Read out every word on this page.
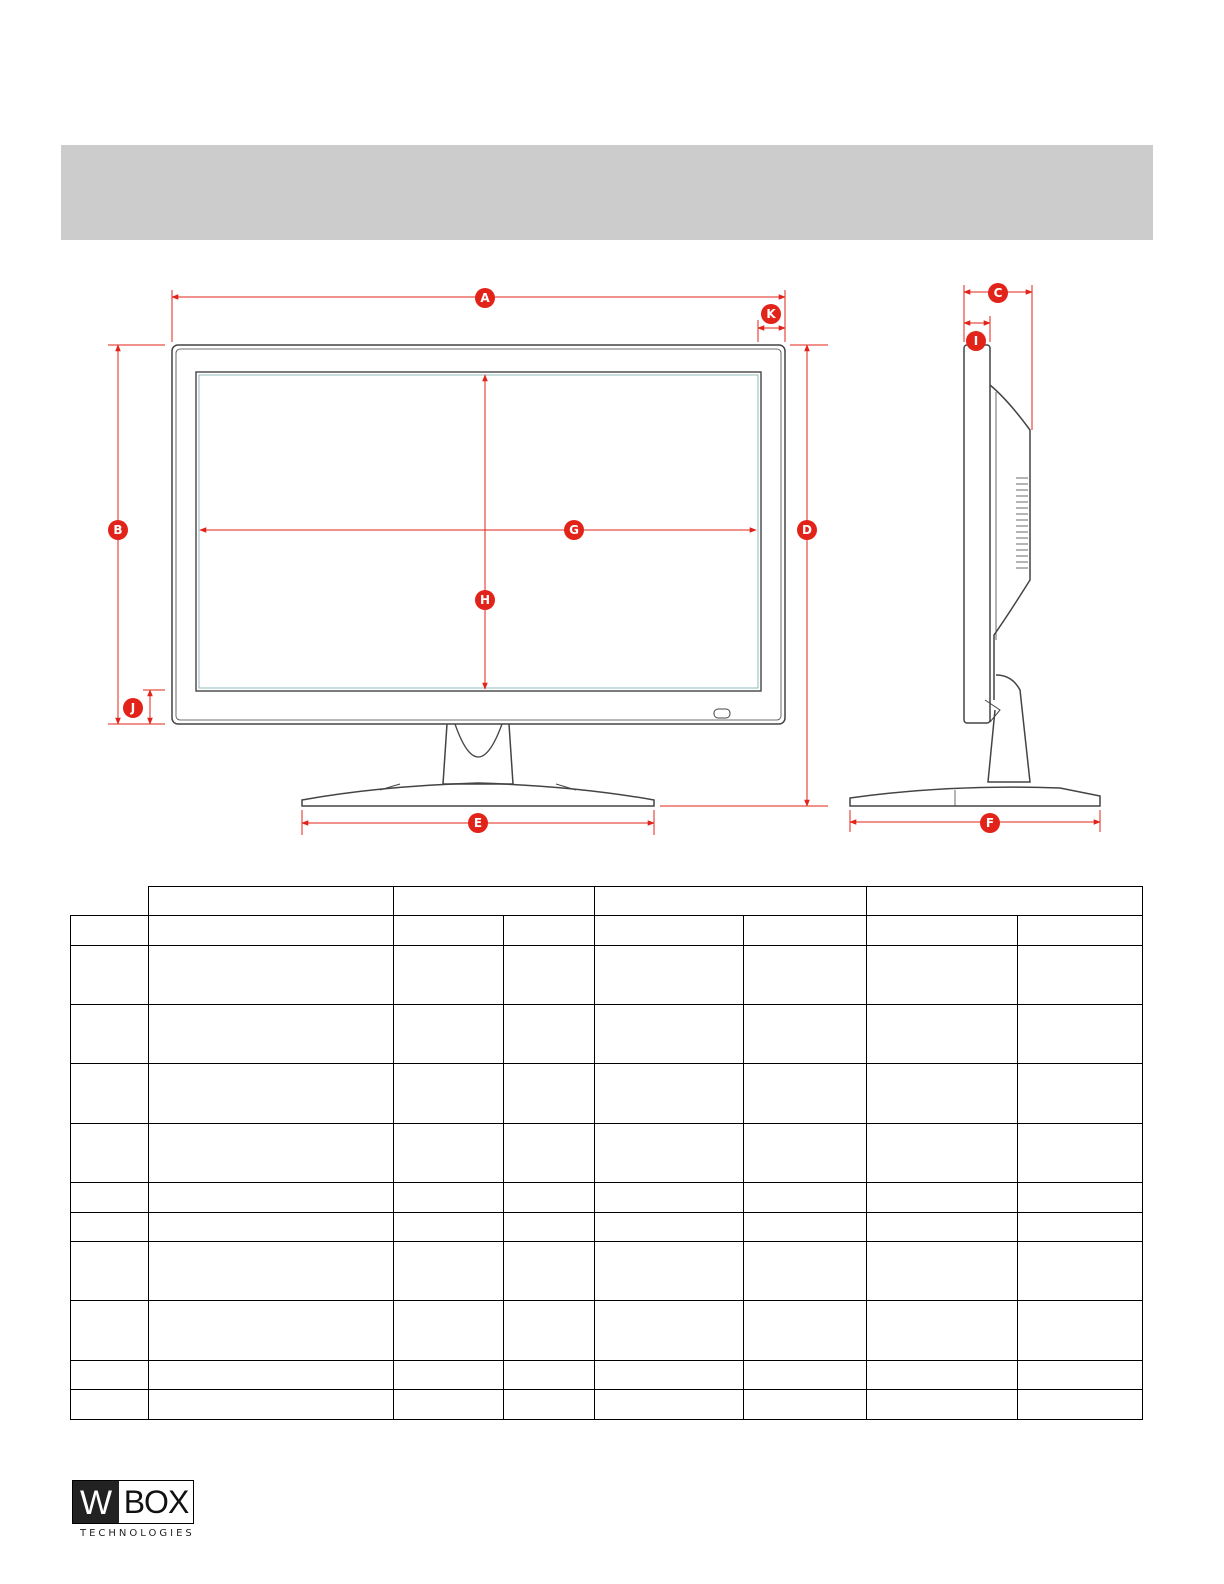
A
K
B
J
D
G
H
E
C
I
F

W BOX
TECHNOLOGIES
